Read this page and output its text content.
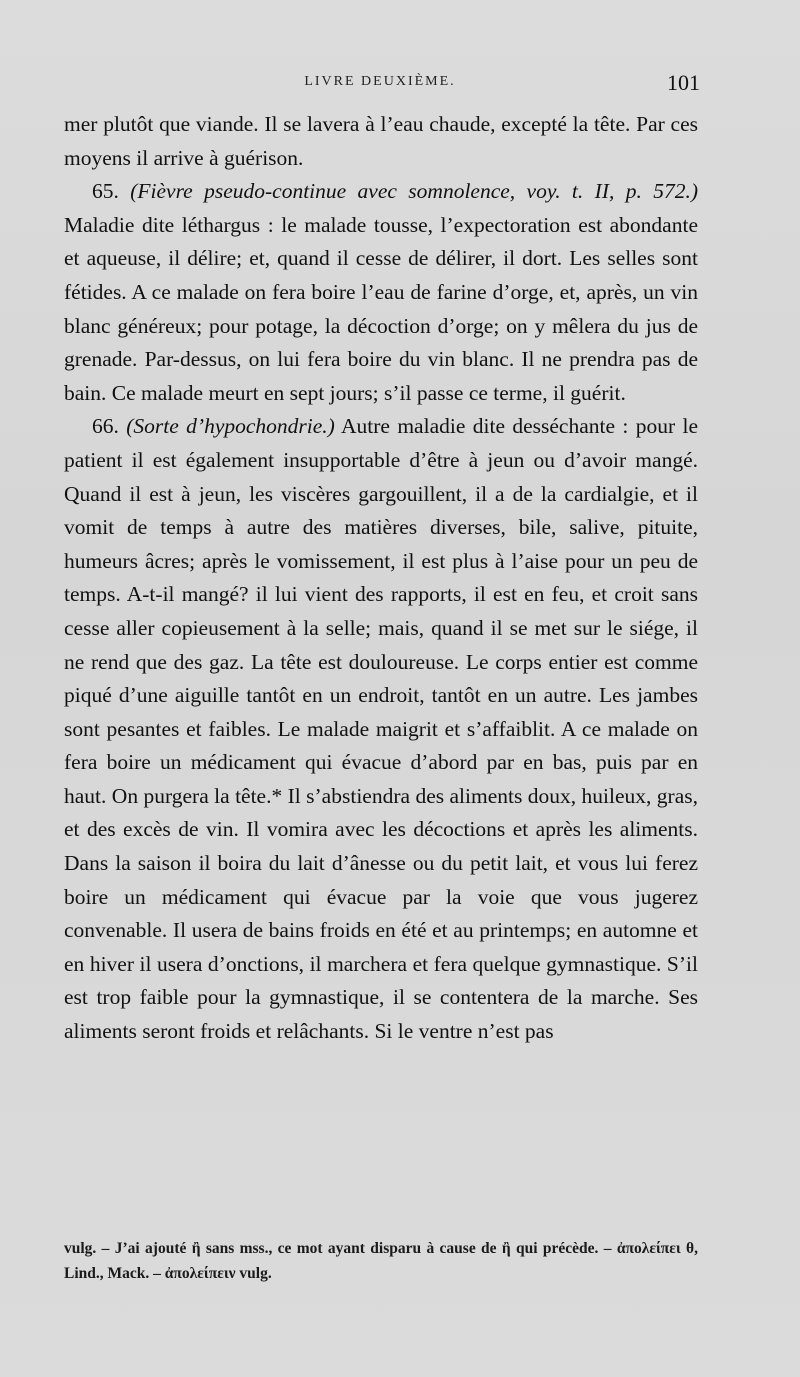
LIVRE DEUXIÈME.	101

mer plutôt que viande. Il se lavera à l’eau chaude, excepté la tête. Par ces moyens il arrive à guérison.

65. (Fièvre pseudo-continue avec somnolence, voy. t. II, p. 572.) Maladie dite léthargus : le malade tousse, l’expectoration est abondante et aqueuse, il délire; et, quand il cesse de délirer, il dort. Les selles sont fétides. A ce malade on fera boire l’eau de farine d’orge, et, après, un vin blanc généreux; pour potage, la décoction d’orge; on y mêlera du jus de grenade. Par-dessus, on lui fera boire du vin blanc. Il ne prendra pas de bain. Ce malade meurt en sept jours; s’il passe ce terme, il guérit.

66. (Sorte d’hypochondrie.) Autre maladie dite desséchante : pour le patient il est également insupportable d’être à jeun ou d’avoir mangé. Quand il est à jeun, les viscères gargouillent, il a de la cardialgie, et il vomit de temps à autre des matières diverses, bile, salive, pituite, humeurs âcres; après le vomissement, il est plus à l’aise pour un peu de temps. A-t-il mangé? il lui vient des rapports, il est en feu, et croit sans cesse aller copieusement à la selle; mais, quand il se met sur le siége, il ne rend que des gaz. La tête est douloureuse. Le corps entier est comme piqué d’une aiguille tantôt en un endroit, tantôt en un autre. Les jambes sont pesantes et faibles. Le malade maigrit et s’affaiblit. A ce malade on fera boire un médicament qui évacue d’abord par en bas, puis par en haut. On purgera la tête.* Il s’abstiendra des aliments doux, huileux, gras, et des excès de vin. Il vomira avec les décoctions et après les aliments. Dans la saison il boira du lait d’ânesse ou du petit lait, et vous lui ferez boire un médicament qui évacue par la voie que vous jugerez convenable. Il usera de bains froids en été et au printemps; en automne et en hiver il usera d’onctions, il marchera et fera quelque gymnastique. S’il est trop faible pour la gymnastique, il se contentera de la marche. Ses aliments seront froids et relâchants. Si le ventre n’est pas

vulg. – J’ai ajouté ἢ sans mss., ce mot ayant disparu à cause de ἢ qui précède. – ἀπολείπει θ, Lind., Mack. – ἀπολείπειν vulg.
